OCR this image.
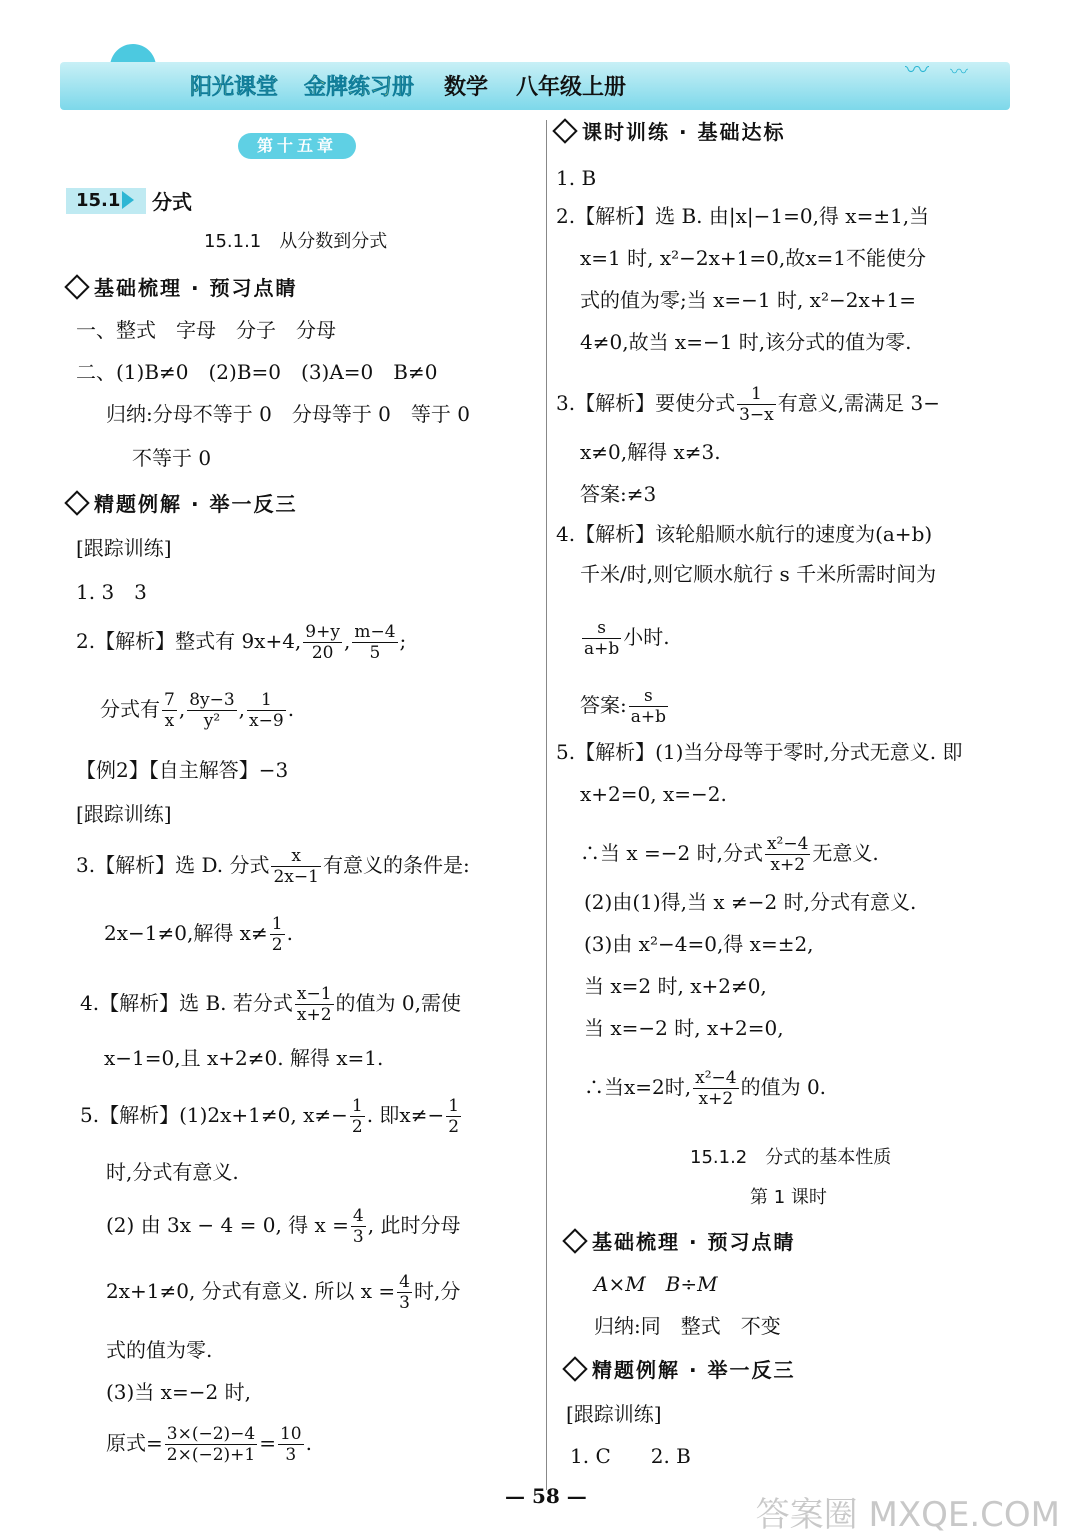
阳光课堂 金牌练习册 数学 八年级上册
〰 〰
第十五章
15.1	分式
15.1.1　从分数到分式
基础梳理 · 预习点睛
一、整式　字母　分子　分母
二、(1)B≠0　(2)B=0　(3)A=0　B≠0
归纳:分母不等于 0　分母等于 0　等于 0
不等于 0
精题例解 · 举一反三
[跟踪训练]
1. 3　3
2.【解析】整式有 9x+4, $\frac{9+y}{20}$ , $\frac{m-4}{5}$ ;
分式有 $\frac{7}{x}$ , $\frac{8y-3}{\text{y²}}$ , $\frac{1}{x-9}$ .
【例2】【自主解答】−3
[跟踪训练]
3.【解析】选 D. 分式 $\frac{x}{2x-1}$ 有意义的条件是:
2x−1≠0,解得 $x\ne \frac{1}{2}$ .
4.【解析】选 B. 若分式 $\frac{x-1}{x+2}$ 的值为 0,需使
x−1=0,且 x+2≠0. 解得 x=1.
5.【解析】(1)2x+1≠0, $x\ne- \frac{1}{2}$ . 即$x\ne- \frac{1}{2}$
时,分式有意义.
(2) 由 3x − 4 = 0, 得 $x = \frac{4}{3}$ , 此时分母
2x+1≠0, 分式有意义. 所以 $x = \frac{4}{3}$ 时,分
式的值为零.
(3)当 x=−2 时,
原式= $\frac{3\times(-2)-4}{2\times(-2)+1} = \frac{10}{3}$ .
课时训练 · 基础达标
1. B
2.【解析】选 B. 由|x|−1=0,得 x=±1,当
x=1 时, x²−2x+1=0,故x=1不能使分
式的值为零;当 x=−1 时, x²−2x+1=
4≠0,故当 x=−1 时,该分式的值为零.
3.【解析】要使分式 $\frac{1}{3-x}$ 有意义,需满足 3−
x≠0,解得 x≠3.
答案:≠3
4.【解析】该轮船顺水航行的速度为(a+b)
千米/时,则它顺水航行 s 千米所需时间为
$\frac{s}{a+b}$ 小时.
答案: $\frac{s}{a+b}$
5.【解析】(1)当分母等于零时,分式无意义. 即
x+2=0, x=−2.
∴当 x =−2 时,分式 $\frac{\text{x²−4}}{x+2}$ 无意义.
(2)由(1)得,当 x ≠−2 时,分式有意义.
(3)由 x²−4=0,得 x=±2,
当 x=2 时, x+2≠0,
当 x=−2 时, x+2=0,
∴当x=2时, $\frac{\text{x²−4}}{x+2}$ 的值为 0.
15.1.2　分式的基本性质
第 1 课时
基础梳理 · 预习点睛
A×M　B÷M
归纳:同　整式　不变
精题例解 · 举一反三
[跟踪训练]
1. C　　2. B
— 58 —	答案圈 MXQE.COM
